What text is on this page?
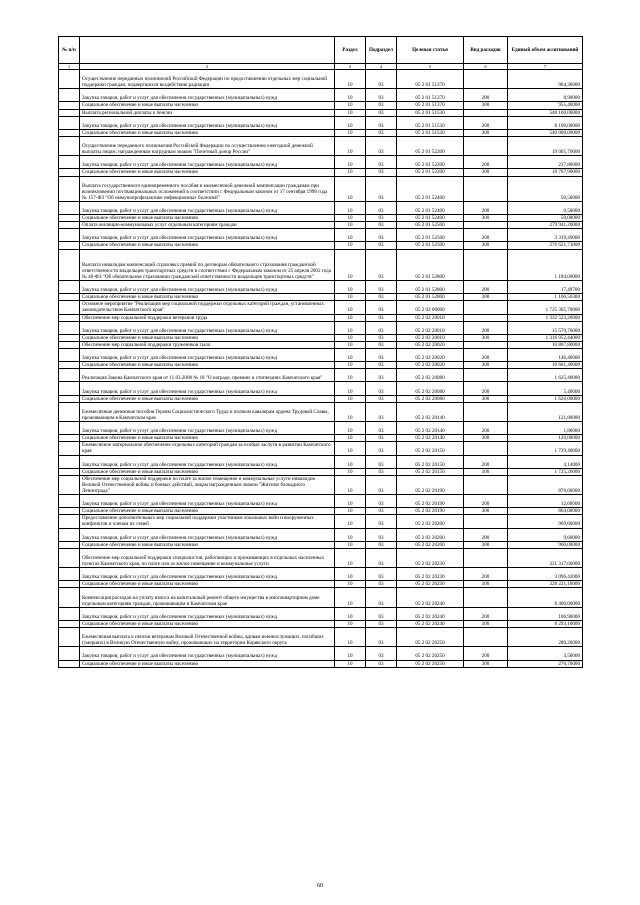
№ п/п		Раздел	Подраздел	Целевая статья	Вид расходов	Единый объем ассигнований
1	2	3	4	5	6	7
	Осуществление переданных полномочий Российской Федерации по предоставлению отдельных мер социальной поддержки граждан, подвергшихся воздействию радиации	10	03	05 2 01 51370		964,30000
	Закупка товаров, работ и услуг для обеспечения государственных (муниципальных) нужд	10	03	05 2 01 51370	200	8,90000
	Социальное обеспечение и иные выплаты населению	10	03	05 2 01 51370	300	955,40000
	Выплата региональной доплаты к пенсии	10	03	05 2 01 51530		548 100,00000
	Закупка товаров, работ и услуг для обеспечения государственных (муниципальных) нужд	10	03	05 2 01 51530	200	8 100,00000
	Социальное обеспечение и иные выплаты населению	10	03	05 2 01 51530	300	540 000,00000
	Осуществление переданного полномочия Российской Федерации по осуществлению ежегодной денежной выплаты лицам, награжденным нагрудным знаком "Почетный донор России"	10	03	05 2 01 52200		19 005,70000
	Закупка товаров, работ и услуг для обеспечения государственных (муниципальных) нужд	10	03	05 2 01 52200	200	237,80000
	Социальное обеспечение и иные выплаты населению	10	03	05 2 01 52200	300	18 767,90000
	Выплата государственного единовременного пособия и ежемесячной денежной компенсации гражданам при возникновении поствакцинальных осложнений в соответствии с Федеральным законом от 17 сентября 1998 года № 157-ФЗ "Об иммунопрофилактике инфекционных болезней"	10	03	05 2 01 52400		50,50000
	Закупка товаров, работ и услуг для обеспечения государственных (муниципальных) нужд	10	03	05 2 01 52400	200	0,50000
	Социальное обеспечение и иные выплаты населению	10	03	05 2 01 52400	300	50,00000
	Оплата жилищно-коммунальных услуг отдельным категориям граждан	10	03	05 2 01 52500		279 941,20000
	Закупка товаров, работ и услуг для обеспечения государственных (муниципальных) нужд	10	03	05 2 01 52500	200	3 319,49000
	Социальное обеспечение и иные выплаты населению	10	03	05 2 01 52500	300	276 621,71000
	Выплата инвалидам компенсаций страховых премий по договорам обязательного страхования гражданской ответственности владельцев транспортных средств в соответствии с Федеральным законом от 25 апреля 2002 года № 40-ФЗ "Об обязательном страховании гражданской ответственности владельцев транспортных средств"	10	03	05 2 01 52800		1 184,00000
	Закупка товаров, работ и услуг для обеспечения государственных (муниципальных) нужд	10	03	05 2 01 52800	200	17,49700
	Социальное обеспечение и иные выплаты населению	10	03	05 2 01 52800	300	1 166,50300
	Основное мероприятие "Реализация мер социальной поддержки отдельных категорий граждан, установленных законодательством Камчатского края"	10	03	05 2 02 00000		1 725 305,70000
	Обеспечение мер социальной поддержки ветеранов труда	10	03	05 2 02 20010		1 332 523,20000
	Закупка товаров, работ и услуг для обеспечения государственных (муниципальных) нужд	10	03	05 2 02 20010	200	15 570,76000
	Социальное обеспечение и иные выплаты населению	10	03	05 2 02 20010	300	1 316 952,44000
	Обеспечение мер социальной поддержки тружеников тыла	10	03	05 2 02 20020		10 807,80000
	Закупка товаров, работ и услуг для обеспечения государственных (муниципальных) нужд	10	03	05 2 02 20020	200	146,40000
	Социальное обеспечение и иные выплаты населению	10	03	05 2 02 20020	300	10 661,40000
	Реализация Закона Камчатского края от 11.03.2008 № 18 "О награде, премиях и стипендиях Камчатского края"	10	03	05 2 02 20080		1 625,40000
	Закупка товаров, работ и услуг для обеспечения государственных (муниципальных) нужд	10	03	05 2 02 20080	200	5,40000
	Социальное обеспечение и иные выплаты населению	10	03	05 2 02 20080	300	1 620,00000
	Ежемесячные денежные пособия Героям Социалистического Труда и полным кавалерам ордена Трудовой Славы, проживающим в Камчатском крае	10	03	05 2 02 20140		121,80000
	Закупка товаров, работ и услуг для обеспечения государственных (муниципальных) нужд	10	03	05 2 02 20140	200	1,80000
	Социальное обеспечение и иные выплаты населению	10	03	05 2 02 20140	300	120,00000
	Ежемесячное материальное обеспечение отдельных категорий граждан за особые заслуги в развитии Камчатского края	10	03	05 2 02 20150		1 729,40000
	Закупка товаров, работ и услуг для обеспечения государственных (муниципальных) нужд	10	03	05 2 02 20150	200	4,14000
	Социальное обеспечение и иные выплаты населению	10	03	05 2 02 20150	300	1 725,26000
	Обеспечение мер социальной поддержки по плате за жилое помещение и коммунальные услуги инвалидов Великой Отечественной войны и боевых действий, лицам награжденным знаком "Жителю блокадного Ленинграда"	10	03	05 2 02 20190		876,60000
	Закупка товаров, работ и услуг для обеспечения государственных (муниципальных) нужд	10	03	05 2 02 20190	200	12,60000
	Социальное обеспечение и иные выплаты населению	10	03	05 2 02 20190	300	864,00000
	Предоставление дополнительных мер социальной поддержки участникам локальных войн и вооруженных конфликтов и членам их семей	10	03	05 2 02 20200		969,60000
	Закупка товаров, работ и услуг для обеспечения государственных (муниципальных) нужд	10	03	05 2 02 20200	200	9,60000
	Социальное обеспечение и иные выплаты населению	10	03	05 2 02 20200	300	960,00000
	Обеспечение мер социальной поддержки специалистов, работающих и проживающих в отдельных населенных пунктах Камчатского края, по плате или за жилое помещение и коммунальные услуги	10	03	05 2 02 20230		331 317,60000
	Закупка товаров, работ и услуг для обеспечения государственных (муниципальных) нужд	10	03	05 2 02 20230	200	3 096,42000
	Социальное обеспечение и иные выплаты населению	10	03	05 2 02 20230	300	328 221,18000
	Компенсация расходов на уплату взноса на капитальный ремонт общего имущества в многоквартирном доме отдельным категориям граждан, проживающим в Камчатском крае	10	03	05 2 02 20240		8 400,00000
	Закупка товаров, работ и услуг для обеспечения государственных (муниципальных) нужд	10	03	05 2 02 20240	200	106,90000
	Социальное обеспечение и иные выплаты населению	10	03	05 2 02 20240	300	8 293,10000
	Ежемесячная выплата к пенсии ветеранам Великой Отечественной войны, вдовам военнослужащих, погибших (умерших) в Великую Отечественную войну, проживающих на территории Корякского округа	10	03	05 2 02 20250		280,20000
	Закупка товаров, работ и услуг для обеспечения государственных (муниципальных) нужд	10	03	05 2 02 20250	200	3,50000
	Социальное обеспечение и иные выплаты населению	10	03	05 2 02 20250	300	276,70000
60
